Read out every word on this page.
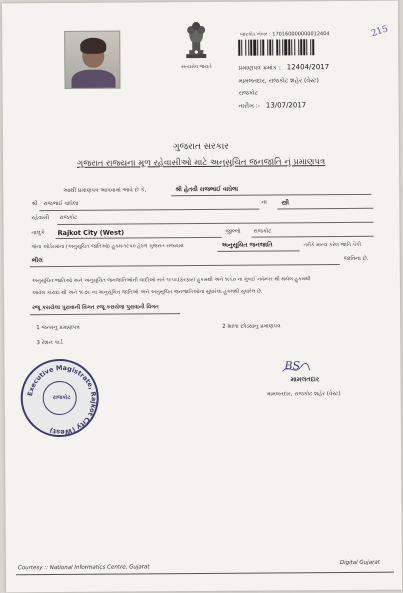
215
સત્યમેવ જયતે
બારકોડ નંબર : 170160000000012404
પ્રમાણપત્ર ક્રમાંક : 12404/2017
મામલતદાર, રાજકોટ શહેર (વેસ્ટ)
રાજકોટ
તારીખ :- 13/07/2017
ગુજરાત સરકાર
ગુજરાત રાજ્યના મૂળ રહેવાસીઓ માટે અનુસૂચિત જનજાતિ નું પ્રમાણપત્ર
આથી પ્રમાણપત્ર આપવામાં આવે છે કે,	શ્રી હેતવી રાજભાઈ વાઘેલા
શ્રી રાજભાઈ વાઘેલા	ના સ્ત્રી
રહેવાસી રાજકોટ
તાલુકે Rajkot City (West)	જીલ્લો રાજકોટ
જેના ઓર્ડરમાંના (અનુસૂચિત જાતિઓ) હુકમ-૧૯૫૦ હેઠળ ગુજરાત રાજ્યમાં	અનુસૂચિત જનજાતિ	તરીકે માન્ય કરેલ જાતિ પૈકી
ભીલ	જાતિના છે.
અનુસૂચિત જાતિઓ અને અનુસૂચિત જનજાતિઓની યાદીઓ સને ૧૯૫૬(ફેરફાર) હુકમથી અને ૧૯૬૦ ના મુંબઈ નવેમ્બર થી થયેલ હુકમથી
આવેલ કાયદા થી અને ૧૯૭૬ ના અનુસૂચિત જાતિઓ અને અનુસૂચિત જનજાતિઓના સુધારેલા હુકમથી સુધારેલ છે.
રજૂ કરાયેલા પુરાવાની વિગત રજૂ કરાયેલા પુરાવાની વિગત
1 જન્મનુ પ્રમાણપત્ર	2 શાળા છોડ્યાનુ પ્રમાણપત્ર
3 રેશન કાર્ડ
BS
મામલતદાર
મામલતદાર, રાજકોટ શહેર (વેસ્ટ)
Executive Magistrate, Rajkot City (West)
રાજકોટ
Courtesy :: National Informatics Centre, Gujarat
Digital Gujarat
